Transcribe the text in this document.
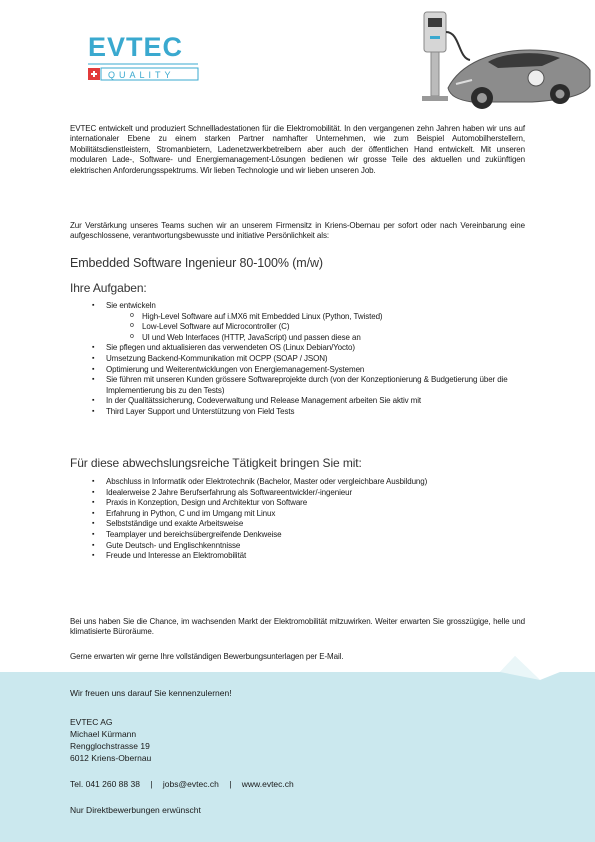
EVTEC
QUALITY

EVTEC entwickelt und produziert Schnellladestationen für die Elektromobilität. In den vergangenen zehn Jahren haben wir uns auf internationaler Ebene zu einem starken Partner namhafter Unternehmen, wie zum Beispiel Automobilherstellern, Mobilitätsdienstleistern, Stromanbietern, Ladenetzwerkbetreibern aber auch der öffentlichen Hand entwickelt. Mit unseren modularen Lade-, Software- und Energiemanagement-Lösungen bedienen wir grosse Teile des aktuellen und zukünftigen elektrischen Anforderungsspektrums. Wir lieben Technologie und wir lieben unseren Job.

Zur Verstärkung unseres Teams suchen wir an unserem Firmensitz in Kriens-Obernau per sofort oder nach Vereinbarung eine aufgeschlossene, verantwortungsbewusste und initiative Persönlichkeit als:

Embedded Software Ingenieur 80-100% (m/w)
Ihre Aufgaben:
▪ Sie entwickeln
o High-Level Software auf i.MX6 mit Embedded Linux (Python, Twisted)
o Low-Level Software auf Microcontroller (C)
o UI und Web Interfaces (HTTP, JavaScript) und passen diese an
▪ Sie pflegen und aktualisieren das verwendeten OS (Linux Debian/Yocto)
▪ Umsetzung Backend-Kommunikation mit OCPP (SOAP / JSON)
▪ Optimierung und Weiterentwicklungen von Energiemanagement-Systemen
▪ Sie führen mit unseren Kunden grössere Softwareprojekte durch (von der Konzeptionierung & Budgetierung über die Implementierung bis zu den Tests)
▪ In der Qualitätssicherung, Codeverwaltung und Release Management arbeiten Sie aktiv mit
▪ Third Layer Support und Unterstützung von Field Tests
Für diese abwechslungsreiche Tätigkeit bringen Sie mit:
▪ Abschluss in Informatik oder Elektrotechnik (Bachelor, Master oder vergleichbare Ausbildung)
▪ Idealerweise 2 Jahre Berufserfahrung als Softwareentwickler/-ingenieur
▪ Praxis in Konzeption, Design und Architektur von Software
▪ Erfahrung in Python, C und im Umgang mit Linux
▪ Selbstständige und exakte Arbeitsweise
▪ Teamplayer und bereichsübergreifende Denkweise
▪ Gute Deutsch- und Englischkenntnisse
▪ Freude und Interesse an Elektromobilität

Bei uns haben Sie die Chance, im wachsenden Markt der Elektromobilität mitzuwirken. Weiter erwarten Sie grosszügige, helle und klimatisierte Büroräume.

Gerne erwarten wir gerne Ihre vollständigen Bewerbungsunterlagen per E-Mail.

Wir freuen uns darauf Sie kennenzulernen!
EVTEC AG
Michael Kürmann
Rengglochstrasse 19
6012 Kriens-Obernau
Tel. 041 260 88 38 | jobs@evtec.ch | www.evtec.ch
Nur Direktbewerbungen erwünscht
